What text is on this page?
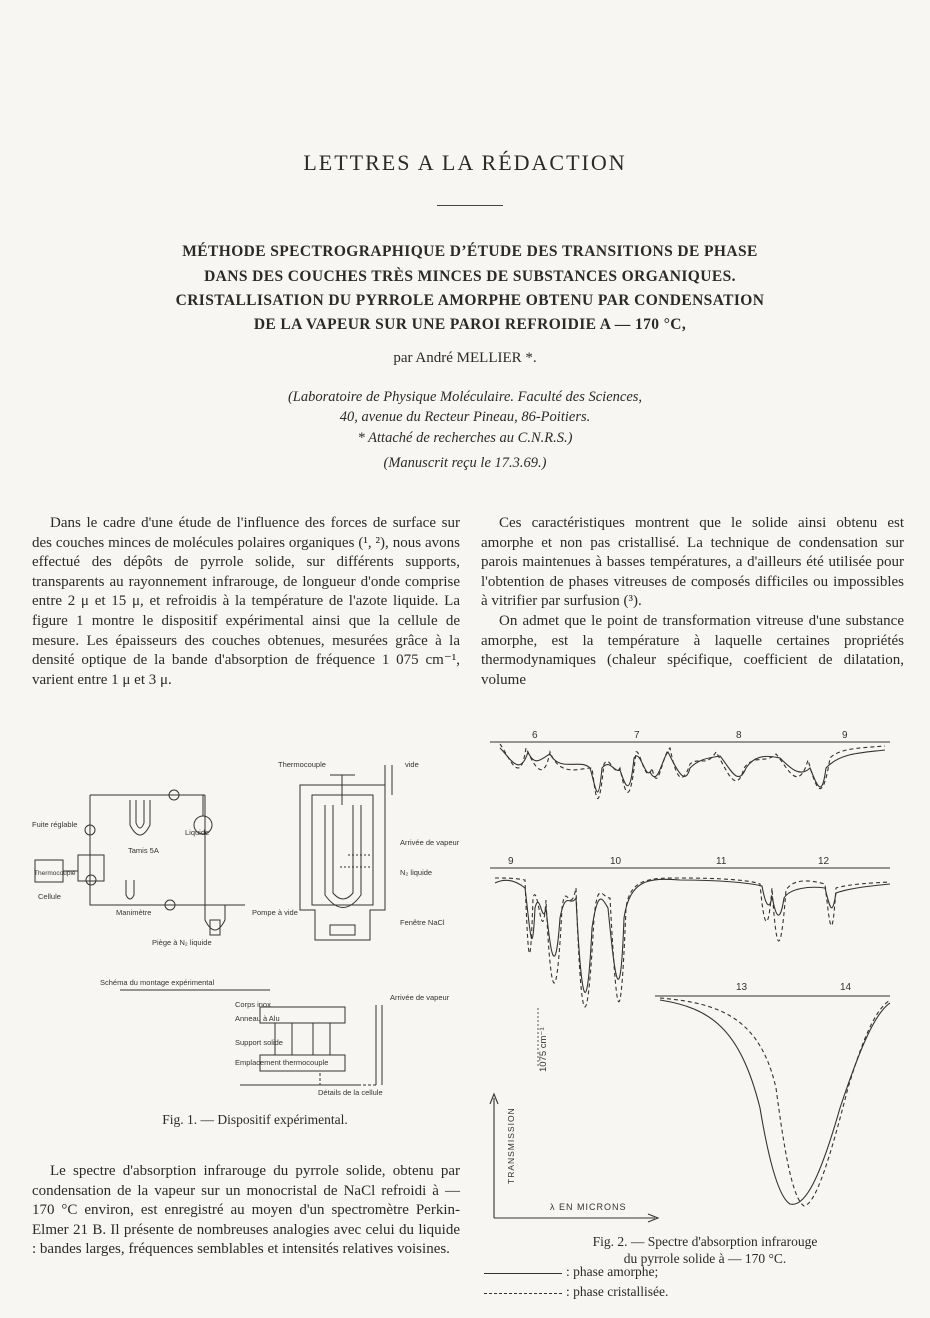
LETTRES A LA RÉDACTION
MÉTHODE SPECTROGRAPHIQUE D’ÉTUDE DES TRANSITIONS DE PHASE
DANS DES COUCHES TRÈS MINCES DE SUBSTANCES ORGANIQUES.
CRISTALLISATION DU PYRROLE AMORPHE OBTENU PAR CONDENSATION
DE LA VAPEUR SUR UNE PAROI REFROIDIE A — 170 °C,
par André MELLIER *.
(Laboratoire de Physique Moléculaire. Faculté des Sciences,
40, avenue du Recteur Pineau, 86-Poitiers.
* Attaché de recherches au C.N.R.S.)
(Manuscrit reçu le 17.3.69.)

Dans le cadre d'une étude de l'influence des forces de surface sur des couches minces de molécules polaires organiques (¹, ²), nous avons effectué des dépôts de pyrrole solide, sur différents supports, transparents au rayonnement infrarouge, de longueur d'onde comprise entre 2 μ et 15 μ, et refroidis à la température de l'azote liquide. La figure 1 montre le dispositif expérimental ainsi que la cellule de mesure. Les épaisseurs des couches obtenues, mesurées grâce à la densité optique de la bande d'absorption de fréquence 1 075 cm⁻¹, varient entre 1 μ et 3 μ.

Ces caractéristiques montrent que le solide ainsi obtenu est amorphe et non pas cristallisé. La technique de condensation sur parois maintenues à basses températures, a d'ailleurs été utilisée pour l'obtention de phases vitreuses de composés difficiles ou impossibles à vitrifier par surfusion (³).

On admet que le point de transformation vitreuse d'une substance amorphe, est la température à laquelle certaines propriétés thermodynamiques (chaleur spécifique, coefficient de dilatation, volume

Fuite réglable
Tamis 5A
Liquide
Thermocouple
Cellule
Manimètre
Piège à N₂ liquide
Pompe à vide
Schéma du montage expérimental
Thermocouple	vide
Arrivée de vapeur
N₂ liquide
Fenêtre NaCl
Arrivée de vapeur
Corps inox
Anneau à Alu
Support solide
Emplacement thermocouple
Détails de la cellule
Fig. 1. — Dispositif expérimental.

Le spectre d'absorption infrarouge du pyrrole solide, obtenu par condensation de la vapeur sur un monocristal de NaCl refroidi à — 170 °C environ, est enregistré au moyen d'un spectromètre Perkin-Elmer 21 B. Il présente de nombreuses analogies avec celui du liquide : bandes larges, fréquences semblables et intensités relatives voisines.

6	7	8	9
9	10	11	12
13	14
1075 cm⁻¹
TRANSMISSION
λ EN MICRONS
Fig. 2. — Spectre d'absorption infrarouge
du pyrrole solide à — 170 °C.
: phase amorphe;
: phase cristallisée.
